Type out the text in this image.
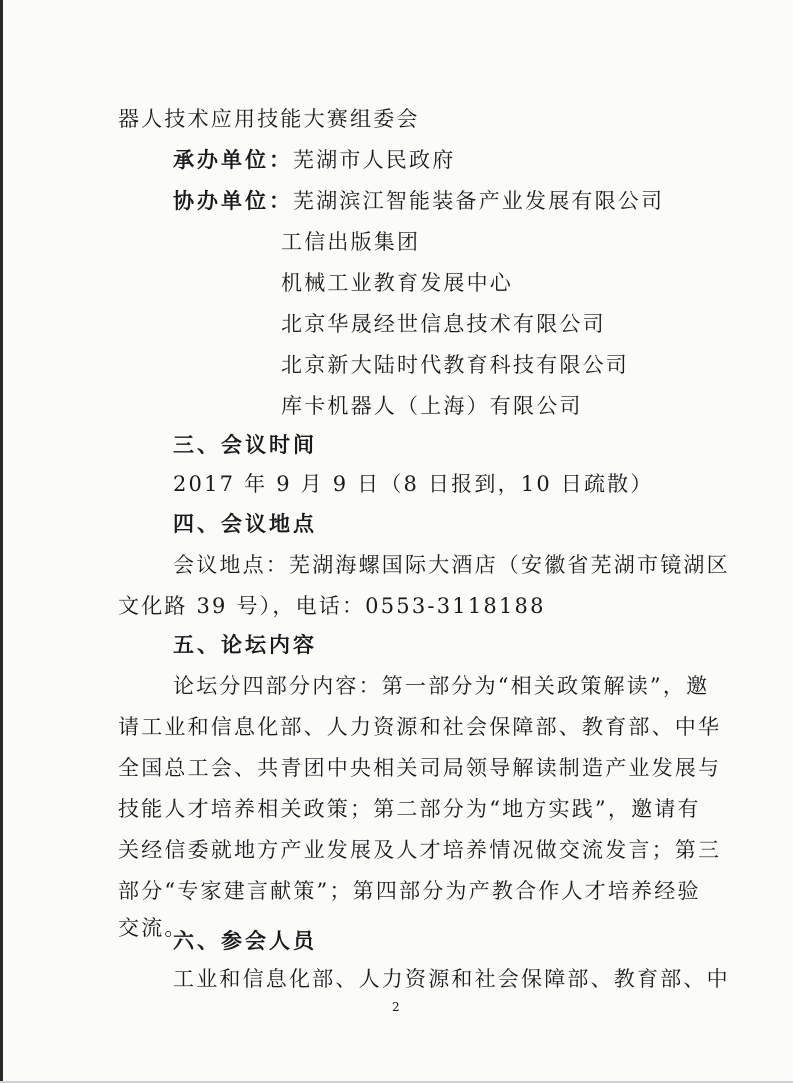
器人技术应用技能大赛组委会
承办单位：芜湖市人民政府
协办单位：芜湖滨江智能装备产业发展有限公司
工信出版集团
机械工业教育发展中心
北京华晟经世信息技术有限公司
北京新大陆时代教育科技有限公司
库卡机器人（上海）有限公司
三、会议时间
2017 年 9 月 9 日（8 日报到，10 日疏散）
四、会议地点
会议地点：芜湖海螺国际大酒店（安徽省芜湖市镜湖区
文化路 39 号），电话：0553-3118188
五、论坛内容
论坛分四部分内容：第一部分为“相关政策解读”，邀
请工业和信息化部、人力资源和社会保障部、教育部、中华
全国总工会、共青团中央相关司局领导解读制造产业发展与
技能人才培养相关政策；第二部分为“地方实践”，邀请有
关经信委就地方产业发展及人才培养情况做交流发言；第三
部分“专家建言献策”；第四部分为产教合作人才培养经验
交流。
六、参会人员
工业和信息化部、人力资源和社会保障部、教育部、中
2
